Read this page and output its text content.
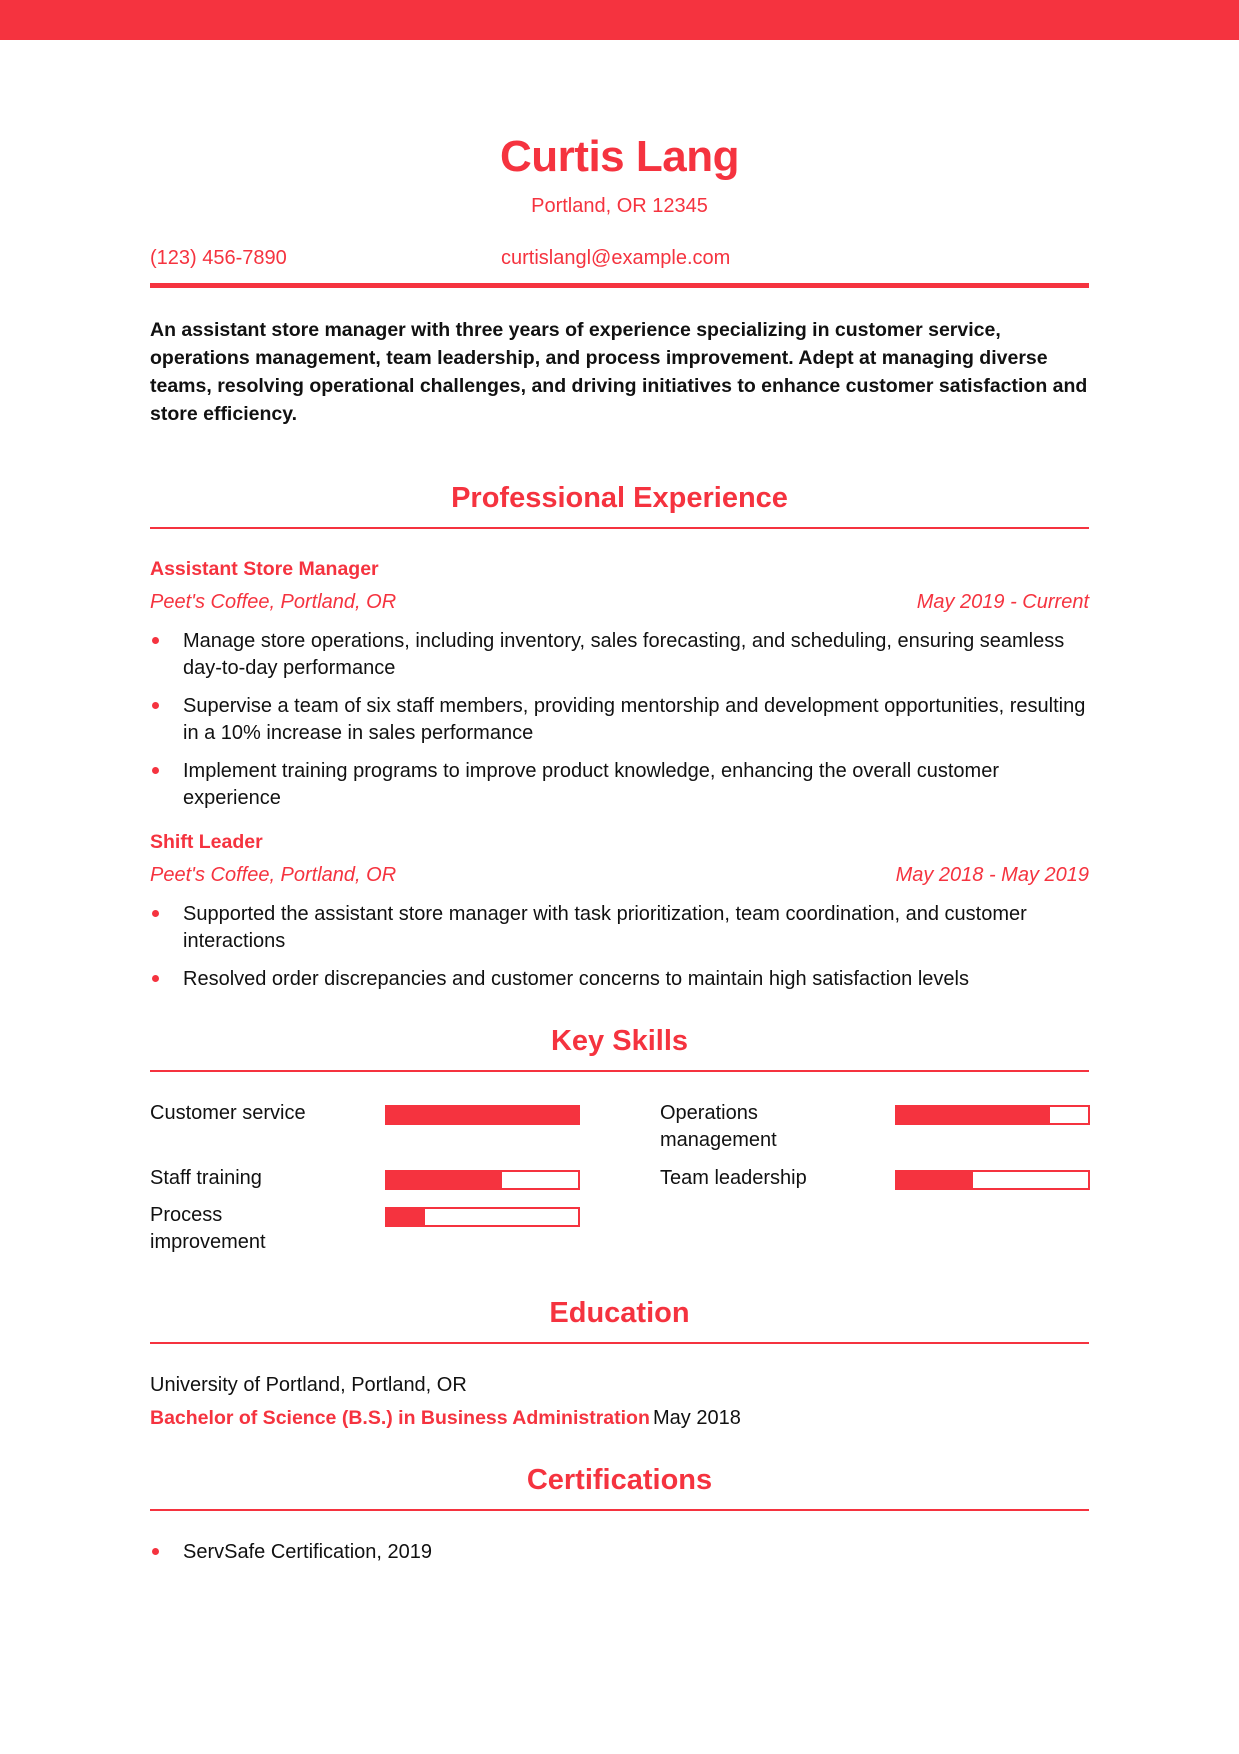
Curtis Lang
Portland, OR 12345
(123) 456-7890	curtislangl@example.com
An assistant store manager with three years of experience specializing in customer service, operations management, team leadership, and process improvement. Adept at managing diverse teams, resolving operational challenges, and driving initiatives to enhance customer satisfaction and store efficiency.
Professional Experience
Assistant Store Manager
Peet's Coffee, Portland, OR	May 2019 - Current
Manage store operations, including inventory, sales forecasting, and scheduling, ensuring seamless day-to-day performance
Supervise a team of six staff members, providing mentorship and development opportunities, resulting in a 10% increase in sales performance
Implement training programs to improve product knowledge, enhancing the overall customer experience
Shift Leader
Peet's Coffee, Portland, OR	May 2018 - May 2019
Supported the assistant store manager with task prioritization, team coordination, and customer interactions
Resolved order discrepancies and customer concerns to maintain high satisfaction levels
Key Skills
Customer service	Operations management
Staff training	Team leadership
Process improvement
Education
University of Portland, Portland, OR
Bachelor of Science (B.S.) in Business Administration May 2018
Certifications
ServSafe Certification, 2019
